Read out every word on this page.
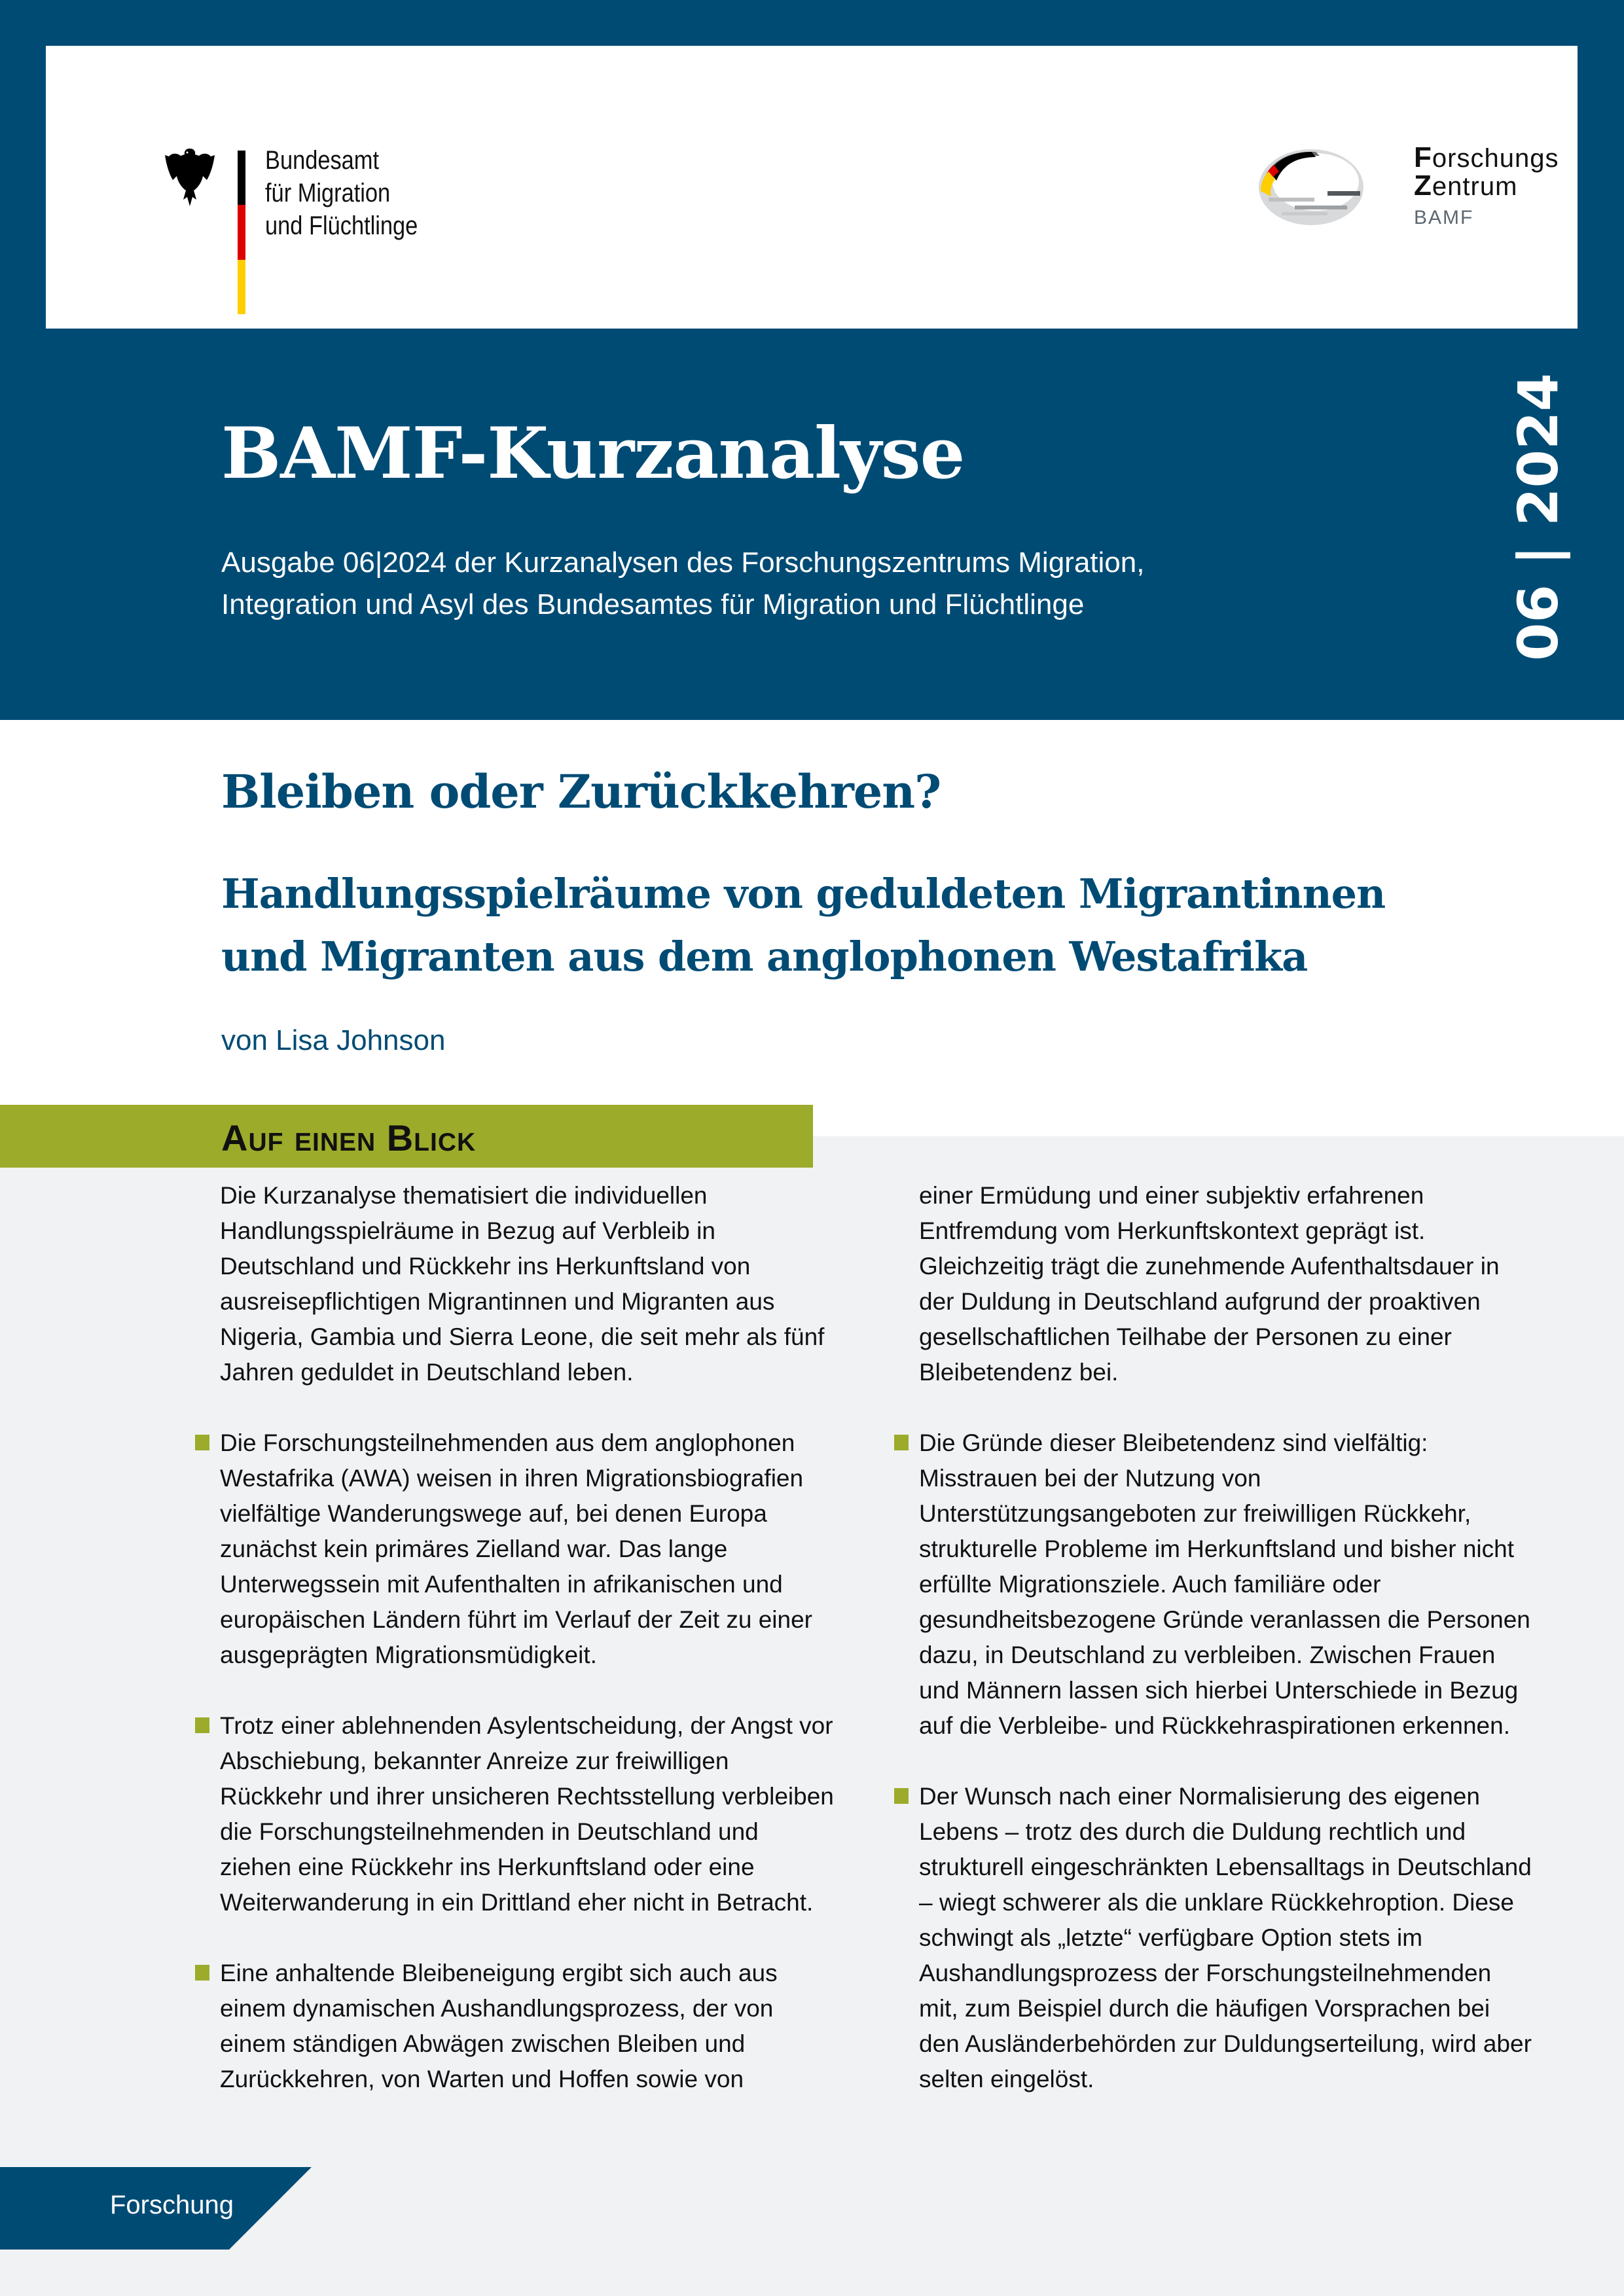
Bundesamt
für Migration
und Flüchtlinge
Forschungs
Zentrum
BAMF
BAMF-Kurzanalyse
Ausgabe 06|2024 der Kurzanalysen des Forschungszentrums Migration,
Integration und Asyl des Bundesamtes für Migration und Flüchtlinge	06 | 2024
Bleiben oder Zurückkehren?
Handlungsspielräume von geduldeten Migrantinnen
und Migranten aus dem anglophonen Westafrika
von Lisa Johnson
Auf einen Blick

Die Kurzanalyse thematisiert die individuellen Handlungsspielräume in Bezug auf Verbleib in Deutschland und Rückkehr ins Herkunftsland von ausreisepflichtigen Migrantinnen und Migranten aus Nigeria, Gambia und Sierra Leone, die seit mehr als fünf Jahren geduldet in Deutschland leben.

Die Forschungsteilnehmenden aus dem anglophonen Westafrika (AWA) weisen in ihren Migrationsbiografien vielfältige Wanderungswege auf, bei denen Europa zunächst kein primäres Zielland war. Das lange Unterwegssein mit Aufenthalten in afrikanischen und europäischen Ländern führt im Verlauf der Zeit zu einer ausgeprägten Migrationsmüdigkeit.
Trotz einer ablehnenden Asylentscheidung, der Angst vor Abschiebung, bekannter Anreize zur freiwilligen Rückkehr und ihrer unsicheren Rechtsstellung verbleiben die Forschungsteilnehmenden in Deutschland und ziehen eine Rückkehr ins Herkunftsland oder eine Weiterwanderung in ein Drittland eher nicht in Betracht.
Eine anhaltende Bleibeneigung ergibt sich auch aus einem dynamischen Aushandlungsprozess, der von einem ständigen Abwägen zwischen Bleiben und Zurückkehren, von Warten und Hoffen sowie von

einer Ermüdung und einer subjektiv erfahrenen Entfremdung vom Herkunftskontext geprägt ist. Gleichzeitig trägt die zunehmende Aufenthaltsdauer in der Duldung in Deutschland aufgrund der proaktiven gesellschaftlichen Teilhabe der Personen zu einer Bleibetendenz bei.

Die Gründe dieser Bleibetendenz sind vielfältig: Misstrauen bei der Nutzung von Unterstützungsangeboten zur freiwilligen Rückkehr, strukturelle Probleme im Herkunftsland und bisher nicht erfüllte Migrationsziele. Auch familiäre oder gesundheitsbezogene Gründe veranlassen die Personen dazu, in Deutschland zu verbleiben. Zwischen Frauen und Männern lassen sich hierbei Unterschiede in Bezug auf die Verbleibe- und Rückkehraspirationen erkennen.
Der Wunsch nach einer Normalisierung des eigenen Lebens – trotz des durch die Duldung rechtlich und strukturell eingeschränkten Lebensalltags in Deutschland – wiegt schwerer als die unklare Rückkehroption. Diese schwingt als „letzte“ verfügbare Option stets im Aushandlungsprozess der Forschungsteilnehmenden mit, zum Beispiel durch die häufigen Vorsprachen bei den Ausländerbehörden zur Duldungserteilung, wird aber selten eingelöst.
Forschung
